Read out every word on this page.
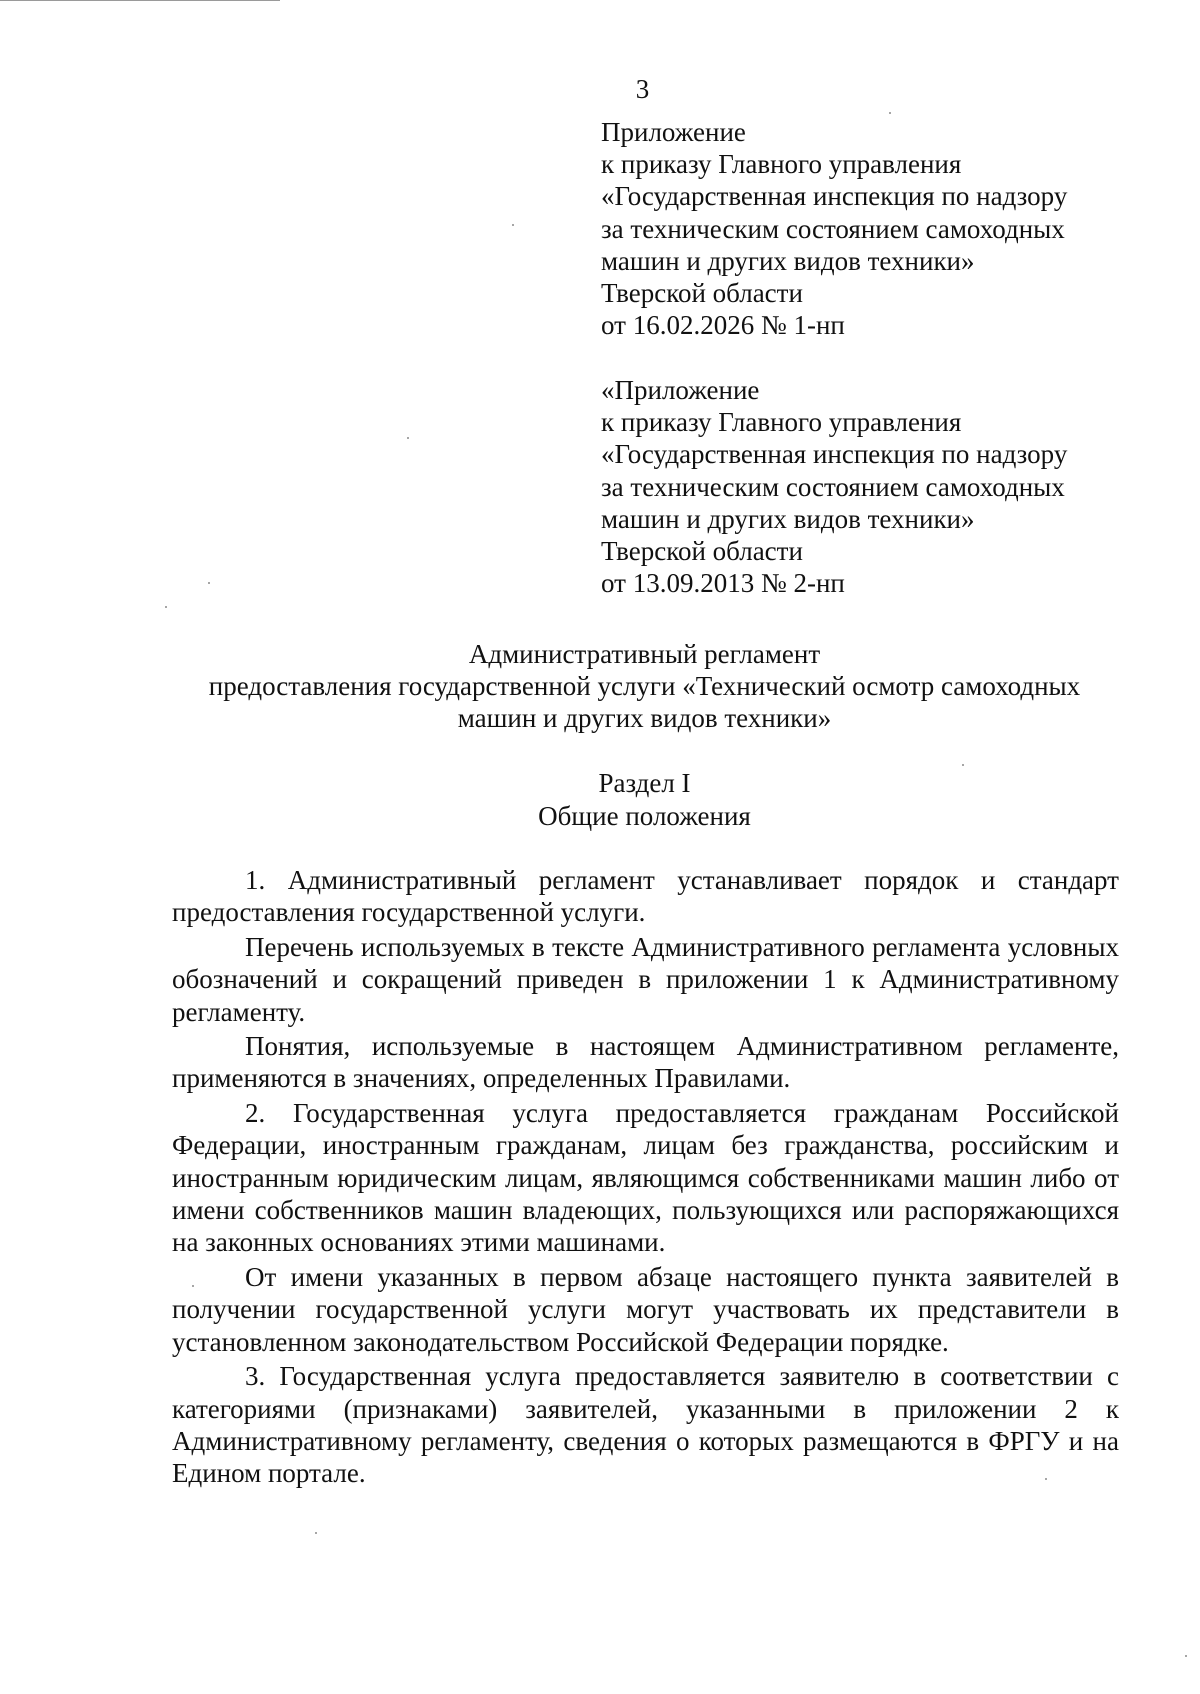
3
Приложение
к приказу Главного управления
«Государственная инспекция по надзору
за техническим состоянием самоходных
машин и других видов техники»
Тверской области
от 16.02.2026 № 1-нп
«Приложение
к приказу Главного управления
«Государственная инспекция по надзору
за техническим состоянием самоходных
машин и других видов техники»
Тверской области
от 13.09.2013 № 2-нп
Административный регламент
предоставления государственной услуги «Технический осмотр самоходных
машин и других видов техники»
Раздел I
Общие положения

1. Административный регламент устанавливает порядок и стандарт предоставления государственной услуги.

Перечень используемых в тексте Административного регламента условных обозначений и сокращений приведен в приложении 1 к Административному регламенту.

Понятия, используемые в настоящем Административном регламенте, применяются в значениях, определенных Правилами.

2. Государственная услуга предоставляется гражданам Российской Федерации, иностранным гражданам, лицам без гражданства, российским и иностранным юридическим лицам, являющимся собственниками машин либо от имени собственников машин владеющих, пользующихся или распоряжающихся на законных основаниях этими машинами.

От имени указанных в первом абзаце настоящего пункта заявителей в получении государственной услуги могут участвовать их представители в установленном законодательством Российской Федерации порядке.

3. Государственная услуга предоставляется заявителю в соответствии с категориями (признаками) заявителей, указанными в приложении 2 к Административному регламенту, сведения о которых размещаются в ФРГУ и на Едином портале.
